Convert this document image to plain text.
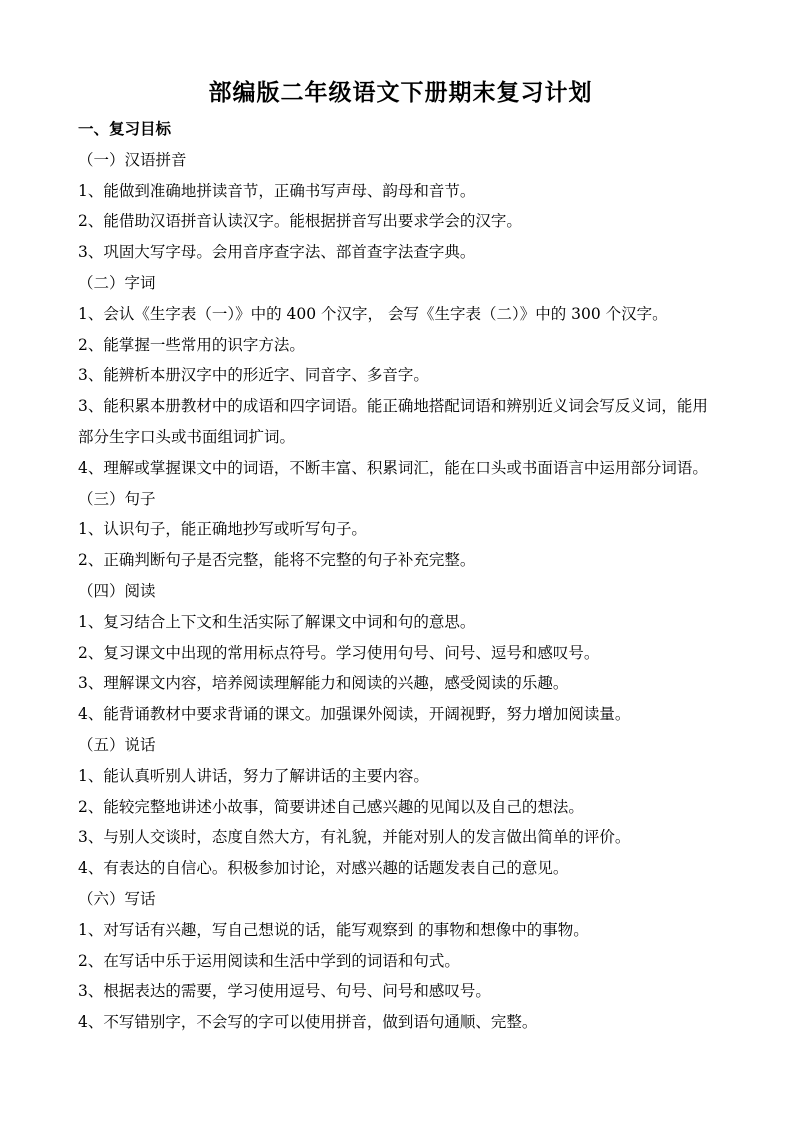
部编版二年级语文下册期末复习计划
一、复习目标
（一）汉语拼音
1、能做到准确地拼读音节，正确书写声母、韵母和音节。
2、能借助汉语拼音认读汉字。能根据拼音写出要求学会的汉字。
3、巩固大写字母。会用音序查字法、部首查字法查字典。
（二）字词
1、会认《生字表（一）》中的 400 个汉字， 会写《生字表（二）》中的 300 个汉字。
2、能掌握一些常用的识字方法。
3、能辨析本册汉字中的形近字、同音字、多音字。
3、能积累本册教材中的成语和四字词语。能正确地搭配词语和辨别近义词会写反义词，能用部分生字口头或书面组词扩词。
4、理解或掌握课文中的词语，不断丰富、积累词汇，能在口头或书面语言中运用部分词语。
（三）句子
1、认识句子，能正确地抄写或听写句子。
2、正确判断句子是否完整，能将不完整的句子补充完整。
（四）阅读
1、复习结合上下文和生活实际了解课文中词和句的意思。
2、复习课文中出现的常用标点符号。学习使用句号、问号、逗号和感叹号。
3、理解课文内容，培养阅读理解能力和阅读的兴趣，感受阅读的乐趣。
4、能背诵教材中要求背诵的课文。加强课外阅读，开阔视野，努力增加阅读量。
（五）说话
1、能认真听别人讲话，努力了解讲话的主要内容。
2、能较完整地讲述小故事，简要讲述自己感兴趣的见闻以及自己的想法。
3、与别人交谈时，态度自然大方，有礼貌，并能对别人的发言做出简单的评价。
4、有表达的自信心。积极参加讨论，对感兴趣的话题发表自己的意见。
（六）写话
1、对写话有兴趣，写自己想说的话，能写观察到 的事物和想像中的事物。
2、在写话中乐于运用阅读和生活中学到的词语和句式。
3、根据表达的需要，学习使用逗号、句号、问号和感叹号。
4、不写错别字，不会写的字可以使用拼音，做到语句通顺、完整。
